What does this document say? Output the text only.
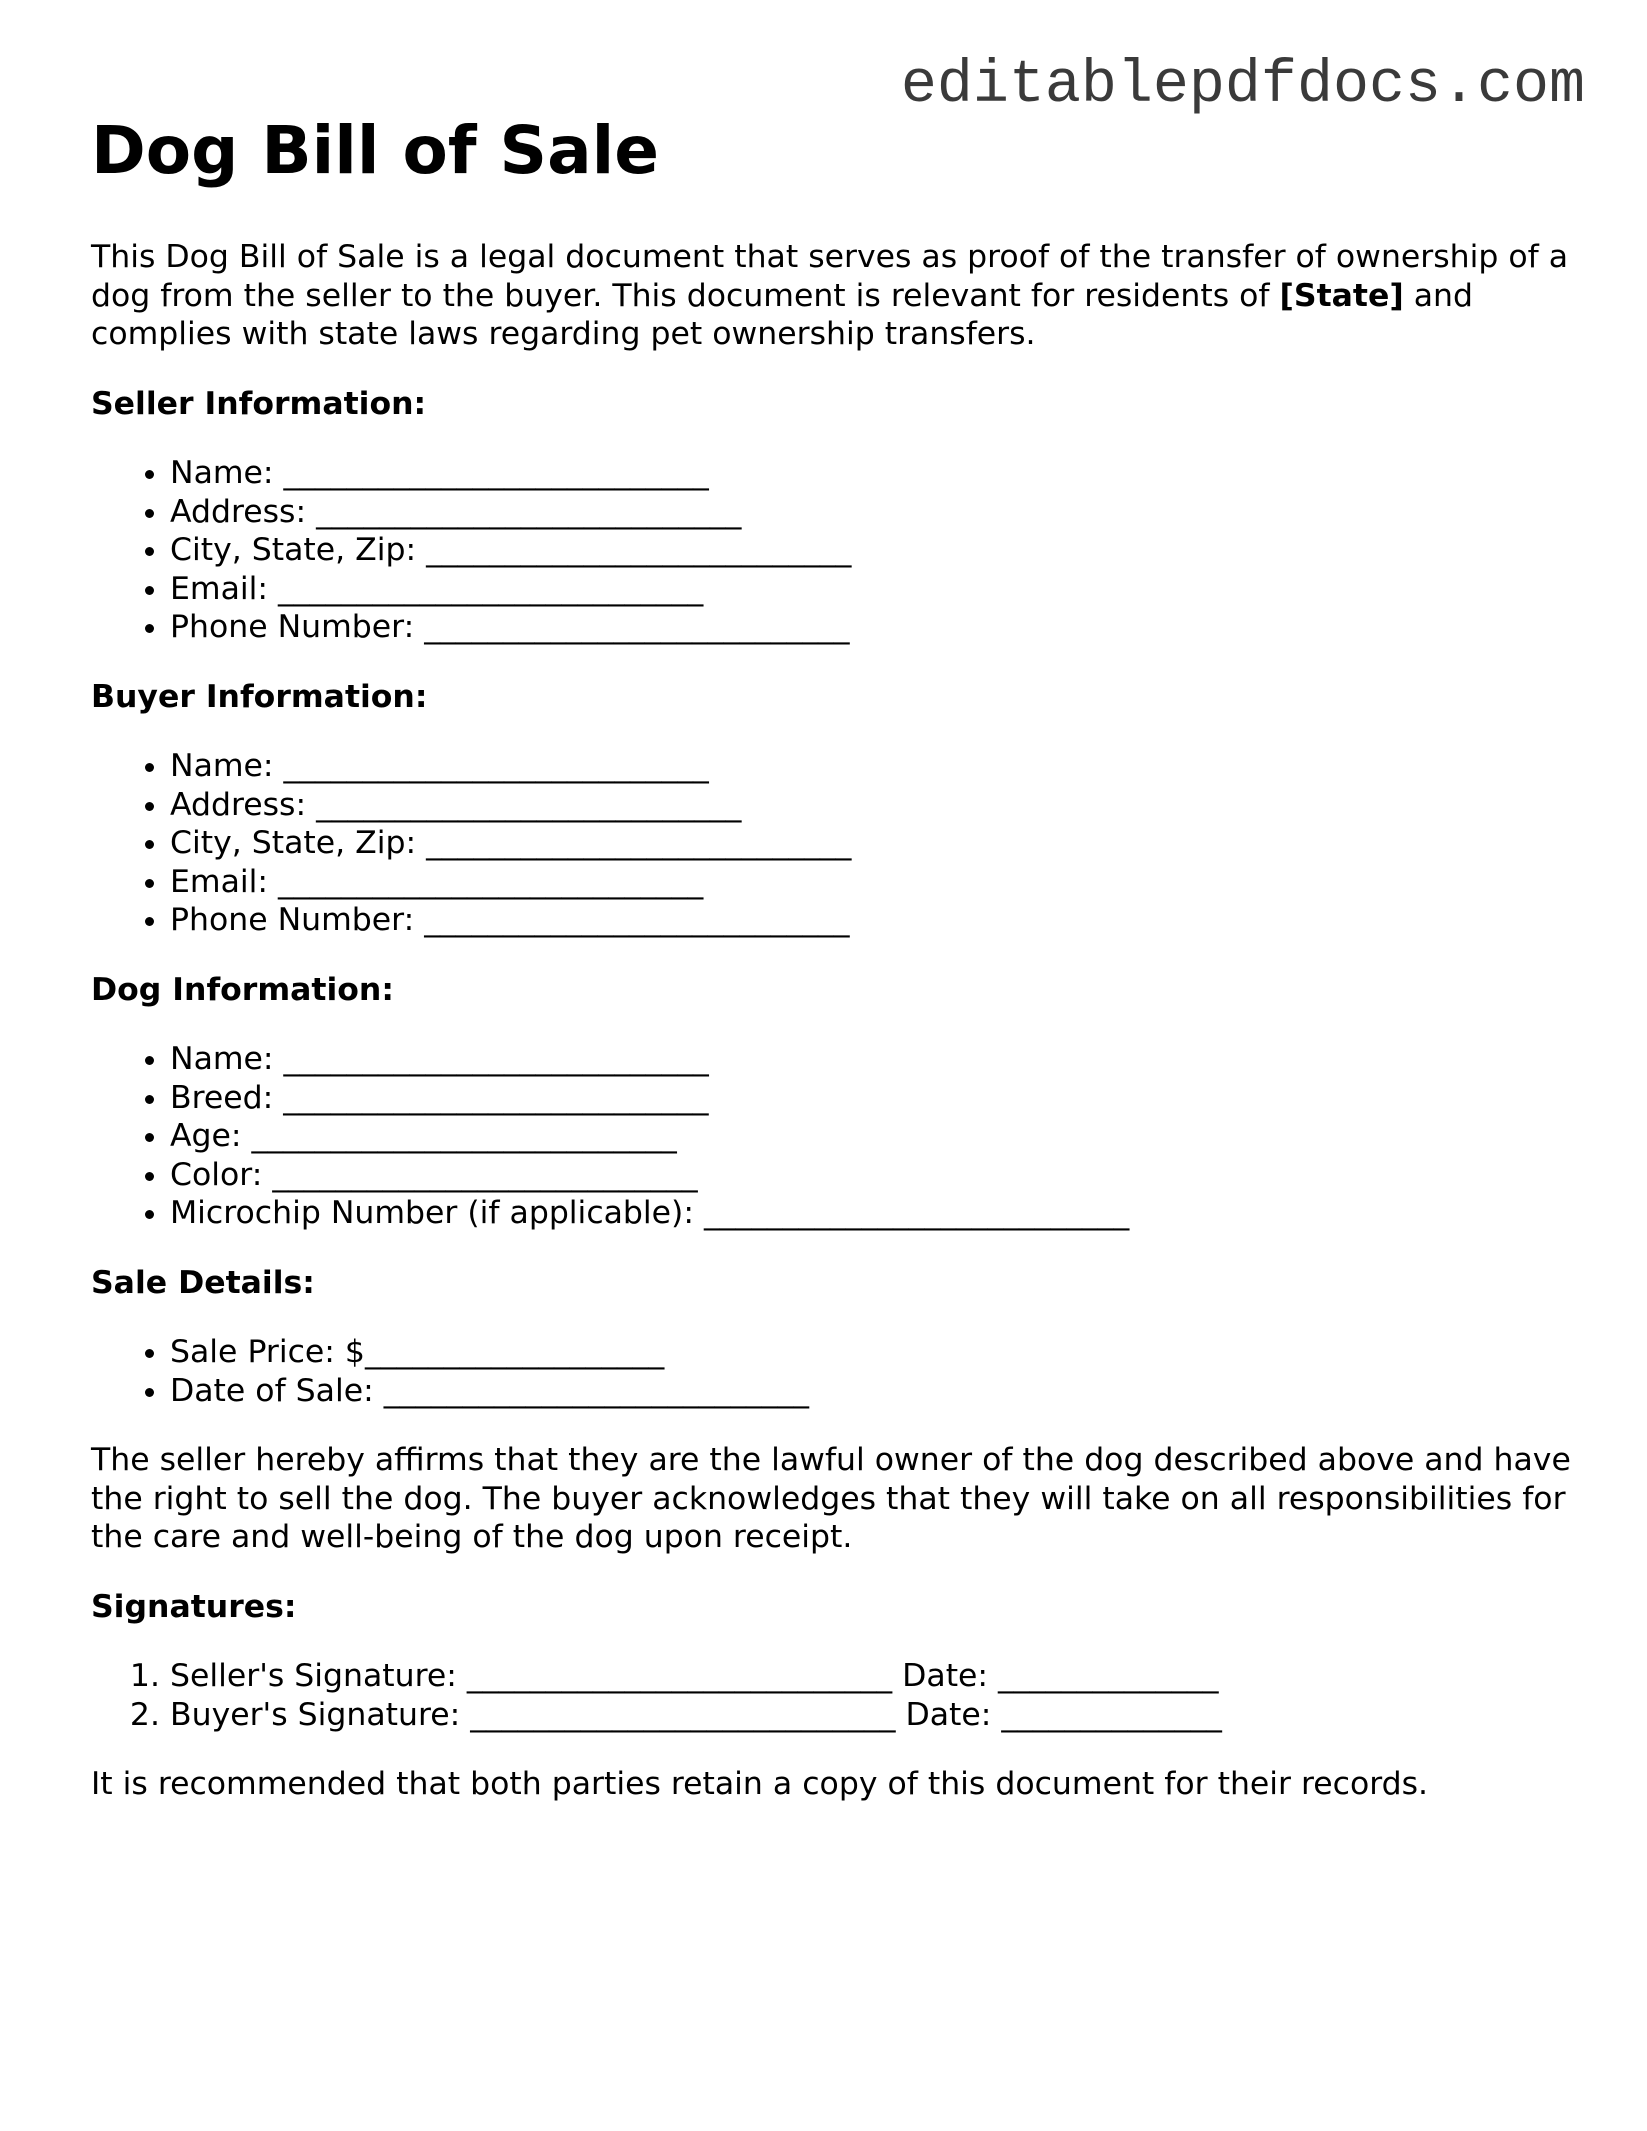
editablepdfdocs.com
Dog Bill of Sale

This Dog Bill of Sale is a legal document that serves as proof of the transfer of ownership of a dog from the seller to the buyer. This document is relevant for residents of [State] and complies with state laws regarding pet ownership transfers.

Seller Information:

• Name: ___________________________
• Address: ___________________________
• City, State, Zip: ___________________________
• Email: ___________________________
• Phone Number: ___________________________

Buyer Information:

• Name: ___________________________
• Address: ___________________________
• City, State, Zip: ___________________________
• Email: ___________________________
• Phone Number: ___________________________

Dog Information:

• Name: ___________________________
• Breed: ___________________________
• Age: ___________________________
• Color: ___________________________
• Microchip Number (if applicable): ___________________________

Sale Details:

• Sale Price: $___________________
• Date of Sale: ___________________________

The seller hereby affirms that they are the lawful owner of the dog described above and have the right to sell the dog. The buyer acknowledges that they will take on all responsibilities for the care and well-being of the dog upon receipt.

Signatures:

1. Seller's Signature: ___________________________ Date: ______________
2. Buyer's Signature: ___________________________ Date: ______________

It is recommended that both parties retain a copy of this document for their records.
